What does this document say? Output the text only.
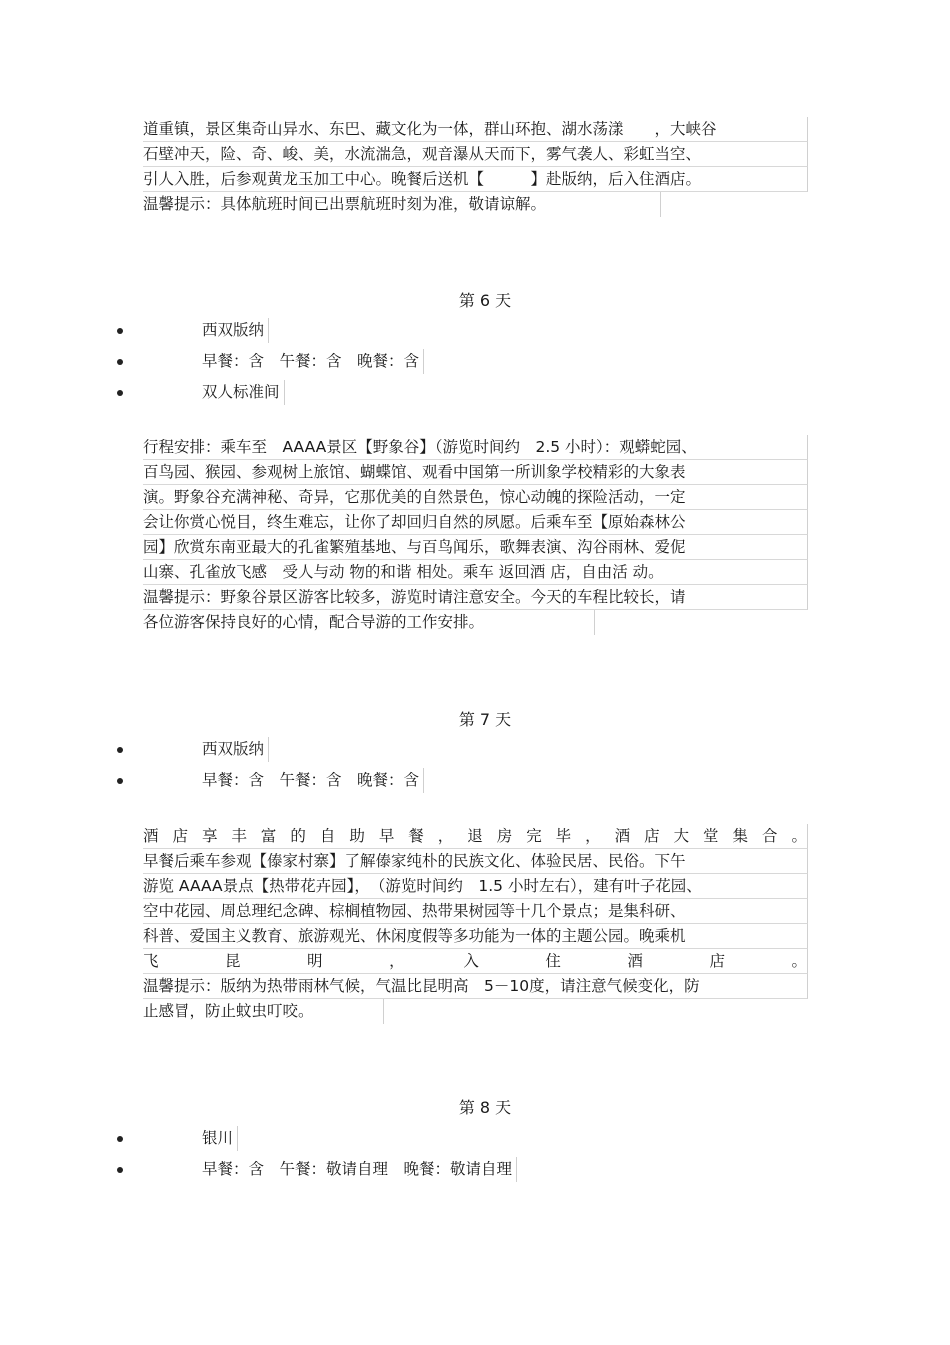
道重镇，景区集奇山异水、东巴、藏文化为一体，群山环抱、湖水荡漾　　，大峡谷
石壁冲天，险、奇、峻、美，水流湍急，观音瀑从天而下，雾气袭人、彩虹当空、
引人入胜，后参观黄龙玉加工中心。晚餐后送机【　　　】赴版纳，后入住酒店。
温馨提示：具体航班时间已出票航班时刻为准，敬请谅解。
第 6 天
西双版纳
早餐：含　午餐：含　晚餐：含
双人标准间
行程安排：乘车至　AAAA景区【野象谷】（游览时间约　2.5 小时）：观蟒蛇园、
百鸟园、猴园、参观树上旅馆、蝴蝶馆、观看中国第一所训象学校精彩的大象表
演。野象谷充满神秘、奇异，它那优美的自然景色，惊心动魄的探险活动，一定
会让你赏心悦目，终生难忘，让你了却回归自然的夙愿。后乘车至【原始森林公
园】欣赏东南亚最大的孔雀繁殖基地、与百鸟闻乐，歌舞表演、沟谷雨林、爱伲
山寨、孔雀放飞感　受人与动 物的和谐 相处。乘车 返回酒 店，自由活 动。
温馨提示：野象谷景区游客比较多，游览时请注意安全。今天的车程比较长，请
各位游客保持良好的心情，配合导游的工作安排。
第 7 天
西双版纳
早餐：含　午餐：含　晚餐：含
酒店享丰富的自助早餐，退房完毕，酒店大堂集合。
早餐后乘车参观【傣家村寨】了解傣家纯朴的民族文化、体验民居、民俗。下午
游览 AAAA景点【热带花卉园】，　（游览时间约　1.5 小时左右），建有叶子花园、
空中花园、周总理纪念碑、棕榈植物园、热带果树园等十几个景点；是集科研、
科普、爱国主义教育、旅游观光、休闲度假等多功能为一体的主题公园。晚乘机
飞　昆　明　，　入　住　酒　店　。
温馨提示：版纳为热带雨林气候，气温比昆明高　5－10度，请注意气候变化，防
止感冒，防止蚊虫叮咬。
第 8 天
银川
早餐：含　午餐：敬请自理　晚餐：敬请自理
